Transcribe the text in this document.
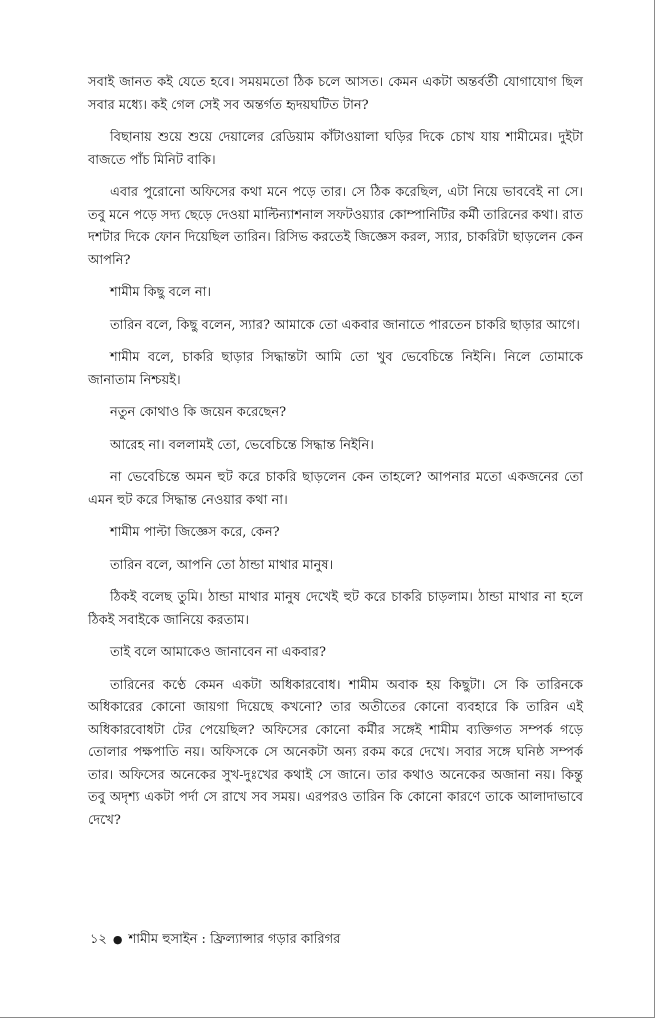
সবাই জানত কই যেতে হবে। সময়মতো ঠিক চলে আসত। কেমন একটা অন্তর্বর্তী যোগাযোগ ছিল সবার মধ্যে। কই গেল সেই সব অন্তর্গত হৃদয়ঘটিত টান?

বিছানায় শুয়ে শুয়ে দেয়ালের রেডিয়াম কাঁটাওয়ালা ঘড়ির দিকে চোখ যায় শামীমের। দুইটা বাজতে পাঁচ মিনিট বাকি।

এবার পুরোনো অফিসের কথা মনে পড়ে তার। সে ঠিক করেছিল, এটা নিয়ে ভাববেই না সে। তবু মনে পড়ে সদ্য ছেড়ে দেওয়া মাল্টিন্যাশনাল সফটওয়্যার কোম্পানিটির কর্মী তারিনের কথা। রাত দশটার দিকে ফোন দিয়েছিল তারিন। রিসিভ করতেই জিজ্ঞেস করল, স্যার, চাকরিটা ছাড়লেন কেন আপনি?

শামীম কিছু বলে না।

তারিন বলে, কিছু বলেন, স্যার? আমাকে তো একবার জানাতে পারতেন চাকরি ছাড়ার আগে।

শামীম বলে, চাকরি ছাড়ার সিদ্ধান্তটা আমি তো খুব ভেবেচিন্তে নিইনি। নিলে তোমাকে জানাতাম নিশ্চয়ই।

নতুন কোথাও কি জয়েন করেছেন?

আরেহ না। বললামই তো, ভেবেচিন্তে সিদ্ধান্ত নিইনি।

না ভেবেচিন্তে অমন হুট করে চাকরি ছাড়লেন কেন তাহলে? আপনার মতো একজনের তো এমন হুট করে সিদ্ধান্ত নেওয়ার কথা না।

শামীম পাল্টা জিজ্ঞেস করে, কেন?

তারিন বলে, আপনি তো ঠান্ডা মাথার মানুষ।

ঠিকই বলেছ তুমি। ঠান্ডা মাথার মানুষ দেখেই হুট করে চাকরি চাড়লাম। ঠান্ডা মাথার না হলে ঠিকই সবাইকে জানিয়ে করতাম।

তাই বলে আমাকেও জানাবেন না একবার?

তারিনের কণ্ঠে কেমন একটা অধিকারবোধ। শামীম অবাক হয় কিছুটা। সে কি তারিনকে অধিকারের কোনো জায়গা দিয়েছে কখনো? তার অতীতের কোনো ব্যবহারে কি তারিন এই অধিকারবোধটা টের পেয়েছিল? অফিসের কোনো কর্মীর সঙ্গেই শামীম ব্যক্তিগত সম্পর্ক গড়ে তোলার পক্ষপাতি নয়। অফিসকে সে অনেকটা অন্য রকম করে দেখে। সবার সঙ্গে ঘনিষ্ঠ সম্পর্ক তার। অফিসের অনেকের সুখ-দুঃখের কথাই সে জানে। তার কথাও অনেকের অজানা নয়। কিন্তু তবু অদৃশ্য একটা পর্দা সে রাখে সব সময়। এরপরও তারিন কি কোনো কারণে তাকে আলাদাভাবে দেখে?

১২ ● শামীম হুসাইন : ফ্রিল্যান্সার গড়ার কারিগর
